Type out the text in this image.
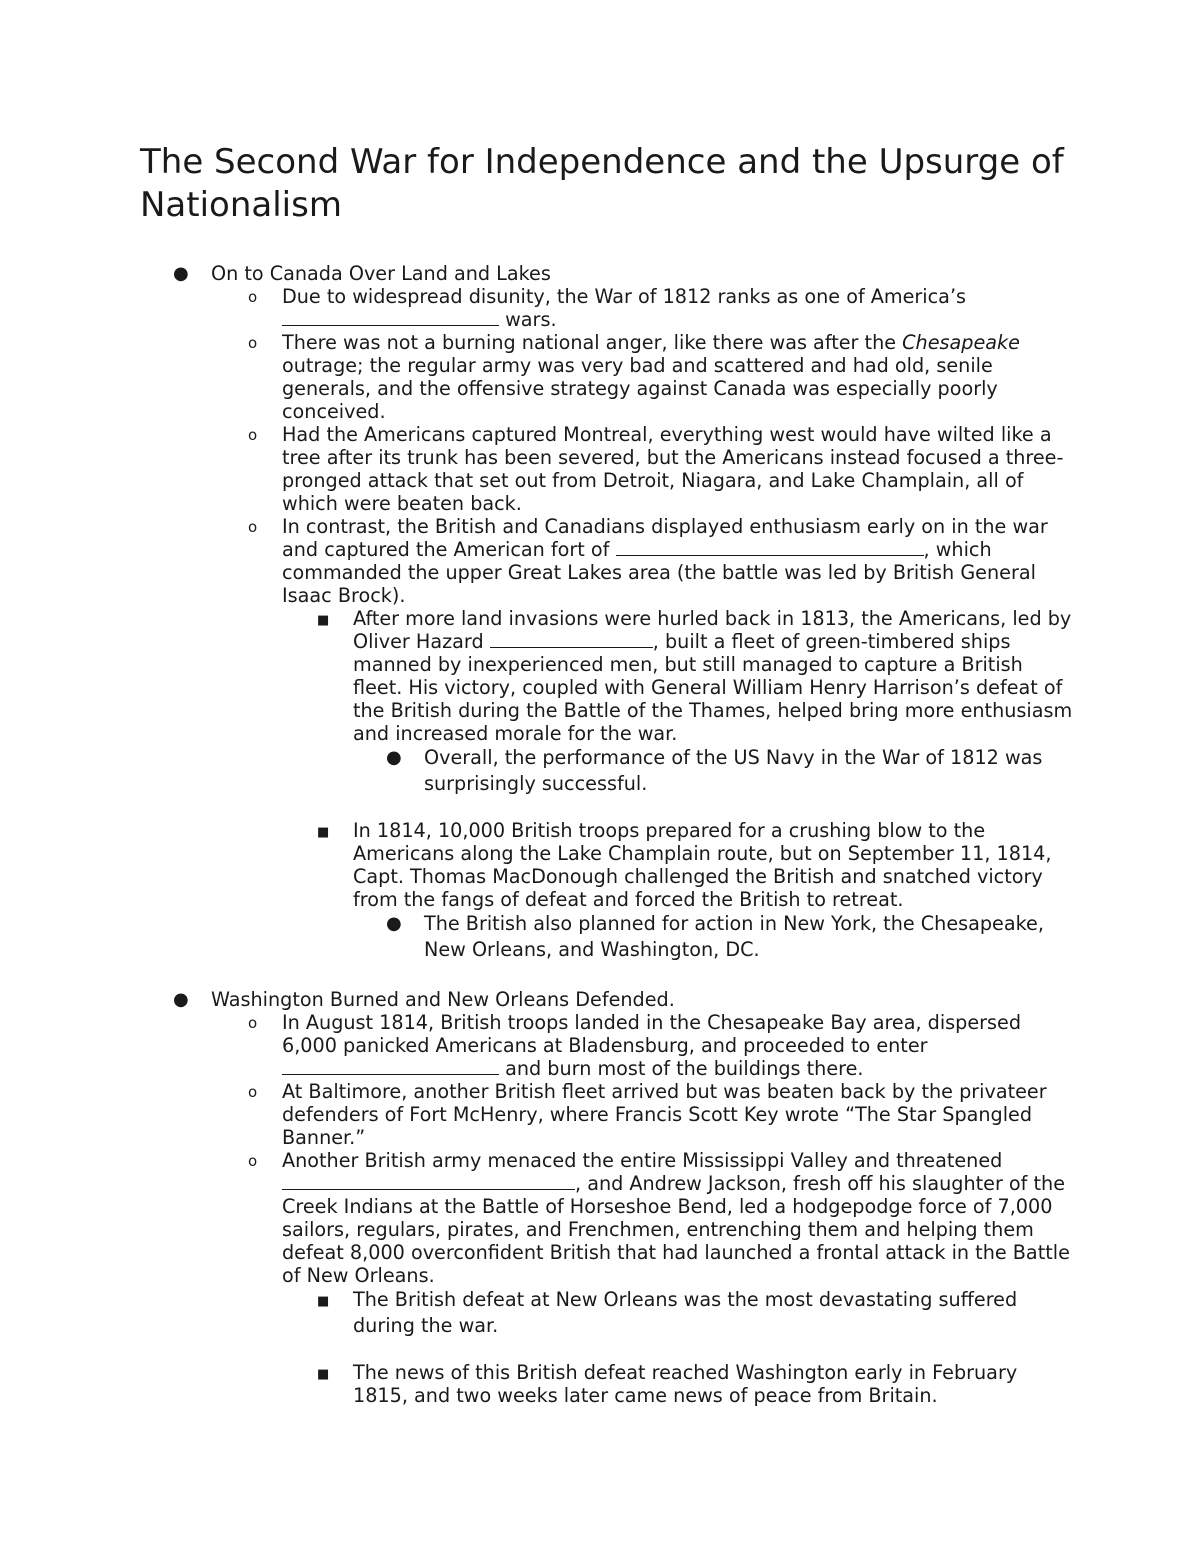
The Second War for Independence and the Upsurge of Nationalism
● On to Canada Over Land and Lakes
o Due to widespread disunity, the War of 1812 ranks as one of America’s
wars.
o There was not a burning national anger, like there was after the Chesapeake outrage; the regular army was very bad and scattered and had old, senile generals, and the offensive strategy against Canada was especially poorly conceived.
o Had the Americans captured Montreal, everything west would have wilted like a tree after its trunk has been severed, but the Americans instead focused a three-pronged attack that set out from Detroit, Niagara, and Lake Champlain, all of which were beaten back.
o In contrast, the British and Canadians displayed enthusiasm early on in the war and captured the American fort of	, which commanded the upper Great Lakes area (the battle was led by British General Isaac Brock).
■ After more land invasions were hurled back in 1813, the Americans, led by Oliver Hazard	, built a fleet of green-timbered ships manned by inexperienced men, but still managed to capture a British fleet. His victory, coupled with General William Henry Harrison’s defeat of the British during the Battle of the Thames, helped bring more enthusiasm and increased morale for the war.
● Overall, the performance of the US Navy in the War of 1812 was surprisingly successful.
■ In 1814, 10,000 British troops prepared for a crushing blow to the Americans along the Lake Champlain route, but on September 11, 1814, Capt. Thomas MacDonough challenged the British and snatched victory from the fangs of defeat and forced the British to retreat.
● The British also planned for action in New York, the Chesapeake, New Orleans, and Washington, DC.
● Washington Burned and New Orleans Defended.
o In August 1814, British troops landed in the Chesapeake Bay area, dispersed 6,000 panicked Americans at Bladensburg, and proceeded to enter
and burn most of the buildings there.
o At Baltimore, another British fleet arrived but was beaten back by the privateer defenders of Fort McHenry, where Francis Scott Key wrote “The Star Spangled Banner.”
o Another British army menaced the entire Mississippi Valley and threatened
, and Andrew Jackson, fresh off his slaughter of the Creek Indians at the Battle of Horseshoe Bend, led a hodgepodge force of 7,000 sailors, regulars, pirates, and Frenchmen, entrenching them and helping them defeat 8,000 overconfident British that had launched a frontal attack in the Battle of New Orleans.
■ The British defeat at New Orleans was the most devastating suffered during the war.
■ The news of this British defeat reached Washington early in February 1815, and two weeks later came news of peace from Britain.
